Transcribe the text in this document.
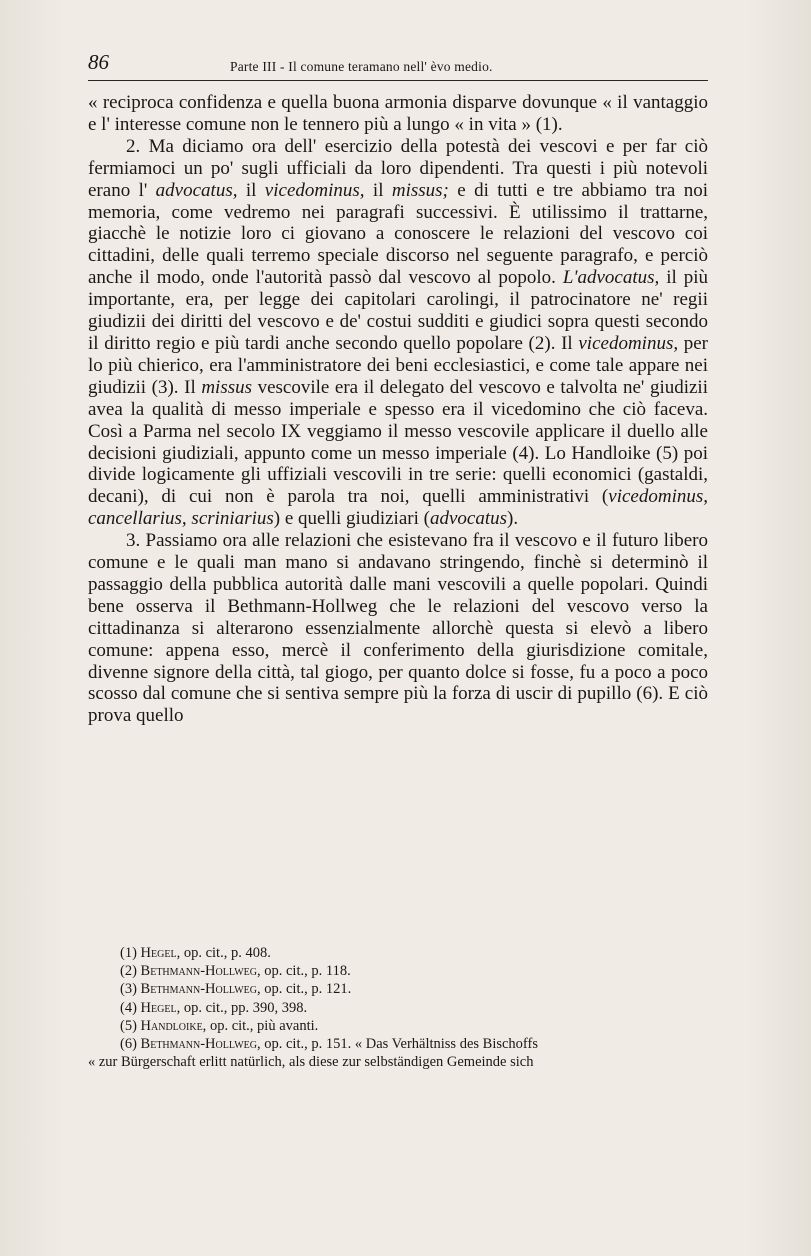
86	Parte III - Il comune teramano nell' èvo medio.

« reciproca confidenza e quella buona armonia disparve dovunque « il vantaggio e l' interesse comune non le tennero più a lungo « in vita » (1).

2. Ma diciamo ora dell' esercizio della potestà dei vescovi e per far ciò fermiamoci un po' sugli ufficiali da loro dipendenti. Tra questi i più notevoli erano l' advocatus, il vicedominus, il missus; e di tutti e tre abbiamo tra noi memoria, come vedremo nei paragrafi successivi. È utilissimo il trattarne, giacchè le notizie loro ci giovano a conoscere le relazioni del vescovo coi cittadini, delle quali terremo speciale discorso nel seguente paragrafo, e perciò anche il modo, onde l'autorità passò dal vescovo al popolo. L'advocatus, il più importante, era, per legge dei capitolari carolingi, il patrocinatore ne' regii giudizii dei diritti del vescovo e de' costui sudditi e giudici sopra questi secondo il diritto regio e più tardi anche secondo quello popolare (2). Il vicedominus, per lo più chierico, era l'amministratore dei beni ecclesiastici, e come tale appare nei giudizii (3). Il missus vescovile era il delegato del vescovo e talvolta ne' giudizii avea la qualità di messo imperiale e spesso era il vicedomino che ciò faceva. Così a Parma nel secolo IX veggiamo il messo vescovile applicare il duello alle decisioni giudiziali, appunto come un messo imperiale (4). Lo Handloike (5) poi divide logicamente gli uffiziali vescovili in tre serie: quelli economici (gastaldi, decani), di cui non è parola tra noi, quelli amministrativi (vicedominus, cancellarius, scriniarius) e quelli giudiziari (advocatus).

3. Passiamo ora alle relazioni che esistevano fra il vescovo e il futuro libero comune e le quali man mano si andavano stringendo, finchè si determinò il passaggio della pubblica autorità dalle mani vescovili a quelle popolari. Quindi bene osserva il Bethmann-Hollweg che le relazioni del vescovo verso la cittadinanza si alterarono essenzialmente allorchè questa si elevò a libero comune: appena esso, mercè il conferimento della giurisdizione comitale, divenne signore della città, tal giogo, per quanto dolce si fosse, fu a poco a poco scosso dal comune che si sentiva sempre più la forza di uscir di pupillo (6). E ciò prova quello

(1) Hegel, op. cit., p. 408.
(2) Bethmann-Hollweg, op. cit., p. 118.
(3) Bethmann-Hollweg, op. cit., p. 121.
(4) Hegel, op. cit., pp. 390, 398.
(5) Handloike, op. cit., più avanti.
(6) Bethmann-Hollweg, op. cit., p. 151. « Das Verhältniss des Bischoffs
« zur Bürgerschaft erlitt natürlich, als diese zur selbständigen Gemeinde sich
